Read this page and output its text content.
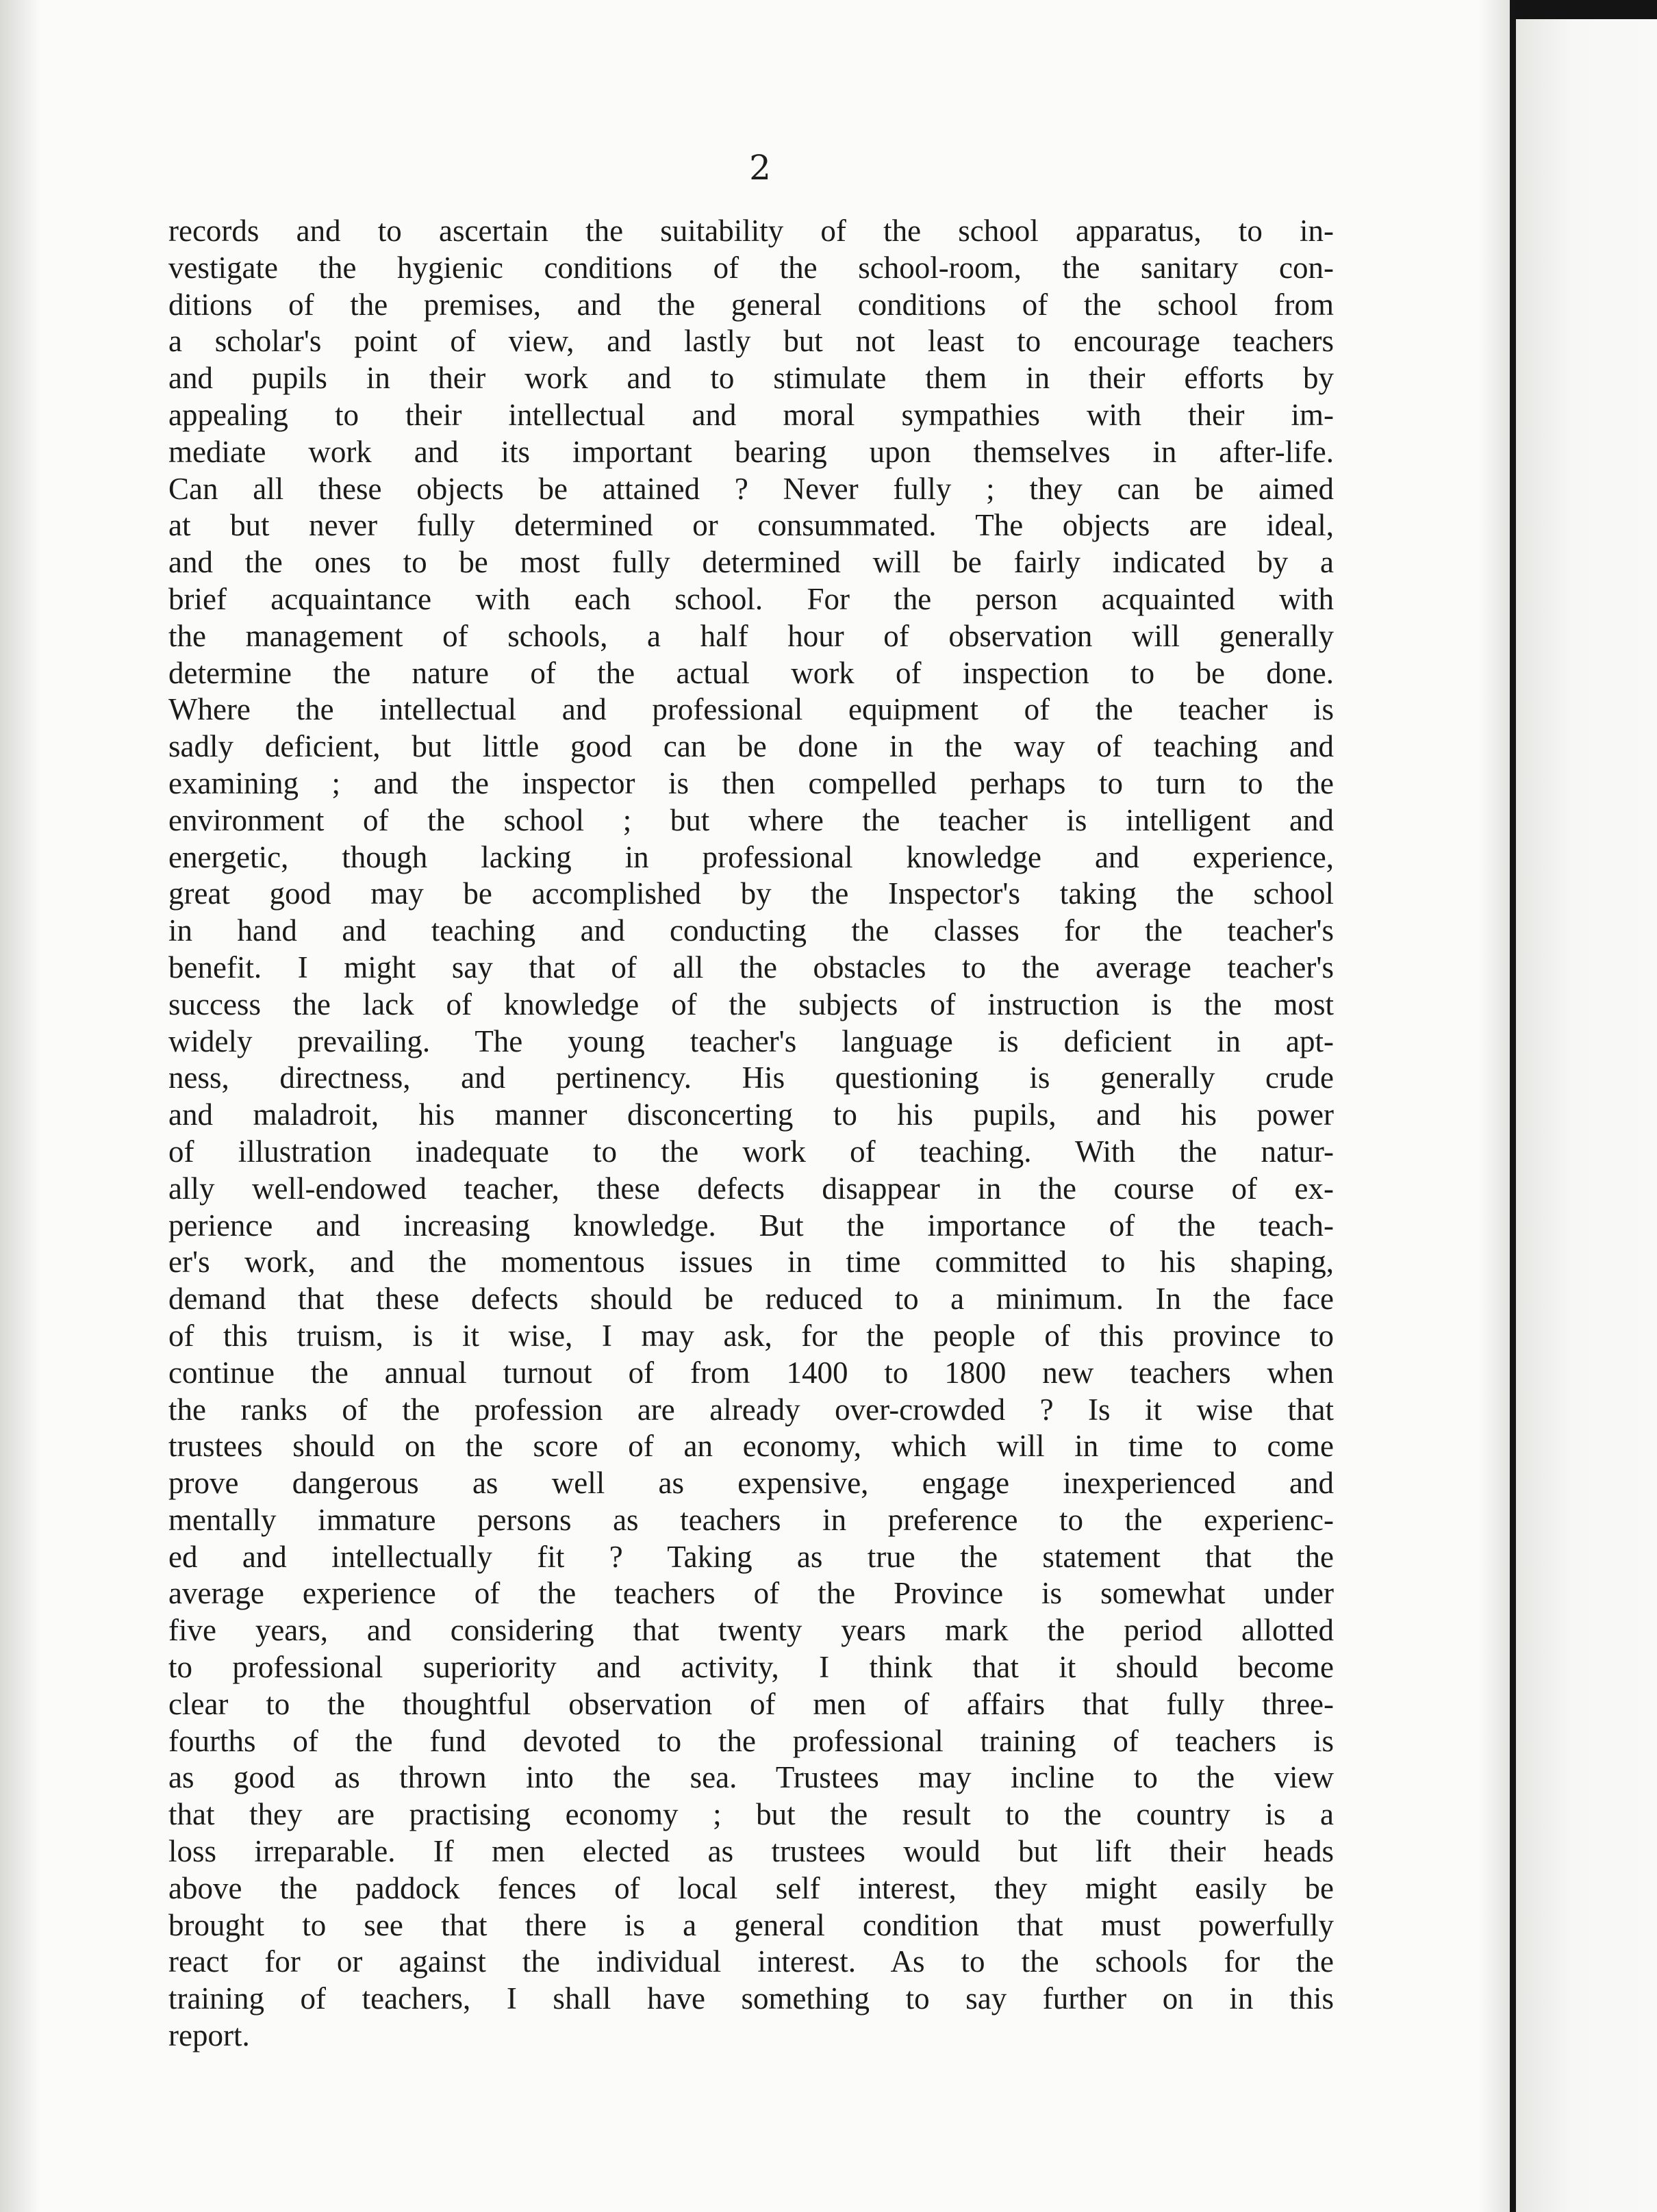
2
records and to ascertain the suitability of the school apparatus, to in-
vestigate the hygienic conditions of the school-room, the sanitary con-
ditions of the premises, and the general conditions of the school from
a scholar's point of view, and lastly but not least to encourage teachers
and pupils in their work and to stimulate them in their efforts by
appealing to their intellectual and moral sympathies with their im-
mediate work and its important bearing upon themselves in after-life.
Can all these objects be attained ? Never fully ; they can be aimed
at but never fully determined or consummated. The objects are ideal,
and the ones to be most fully determined will be fairly indicated by a
brief acquaintance with each school. For the person acquainted with
the management of schools, a half hour of observation will generally
determine the nature of the actual work of inspection to be done.
Where the intellectual and professional equipment of the teacher is
sadly deficient, but little good can be done in the way of teaching and
examining ; and the inspector is then compelled perhaps to turn to the
environment of the school ; but where the teacher is intelligent and
energetic, though lacking in professional knowledge and experience,
great good may be accomplished by the Inspector's taking the school
in hand and teaching and conducting the classes for the teacher's
benefit. I might say that of all the obstacles to the average teacher's
success the lack of knowledge of the subjects of instruction is the most
widely prevailing. The young teacher's language is deficient in apt-
ness, directness, and pertinency. His questioning is generally crude
and maladroit, his manner disconcerting to his pupils, and his power
of illustration inadequate to the work of teaching. With the natur-
ally well-endowed teacher, these defects disappear in the course of ex-
perience and increasing knowledge. But the importance of the teach-
er's work, and the momentous issues in time committed to his shaping,
demand that these defects should be reduced to a minimum. In the face
of this truism, is it wise, I may ask, for the people of this province to
continue the annual turnout of from 1400 to 1800 new teachers when
the ranks of the profession are already over-crowded ? Is it wise that
trustees should on the score of an economy, which will in time to come
prove dangerous as well as expensive, engage inexperienced and
mentally immature persons as teachers in preference to the experienc-
ed and intellectually fit ? Taking as true the statement that the
average experience of the teachers of the Province is somewhat under
five years, and considering that twenty years mark the period allotted
to professional superiority and activity, I think that it should become
clear to the thoughtful observation of men of affairs that fully three-
fourths of the fund devoted to the professional training of teachers is
as good as thrown into the sea. Trustees may incline to the view
that they are practising economy ; but the result to the country is a
loss irreparable. If men elected as trustees would but lift their heads
above the paddock fences of local self interest, they might easily be
brought to see that there is a general condition that must powerfully
react for or against the individual interest. As to the schools for the
training of teachers, I shall have something to say further on in this
report.
